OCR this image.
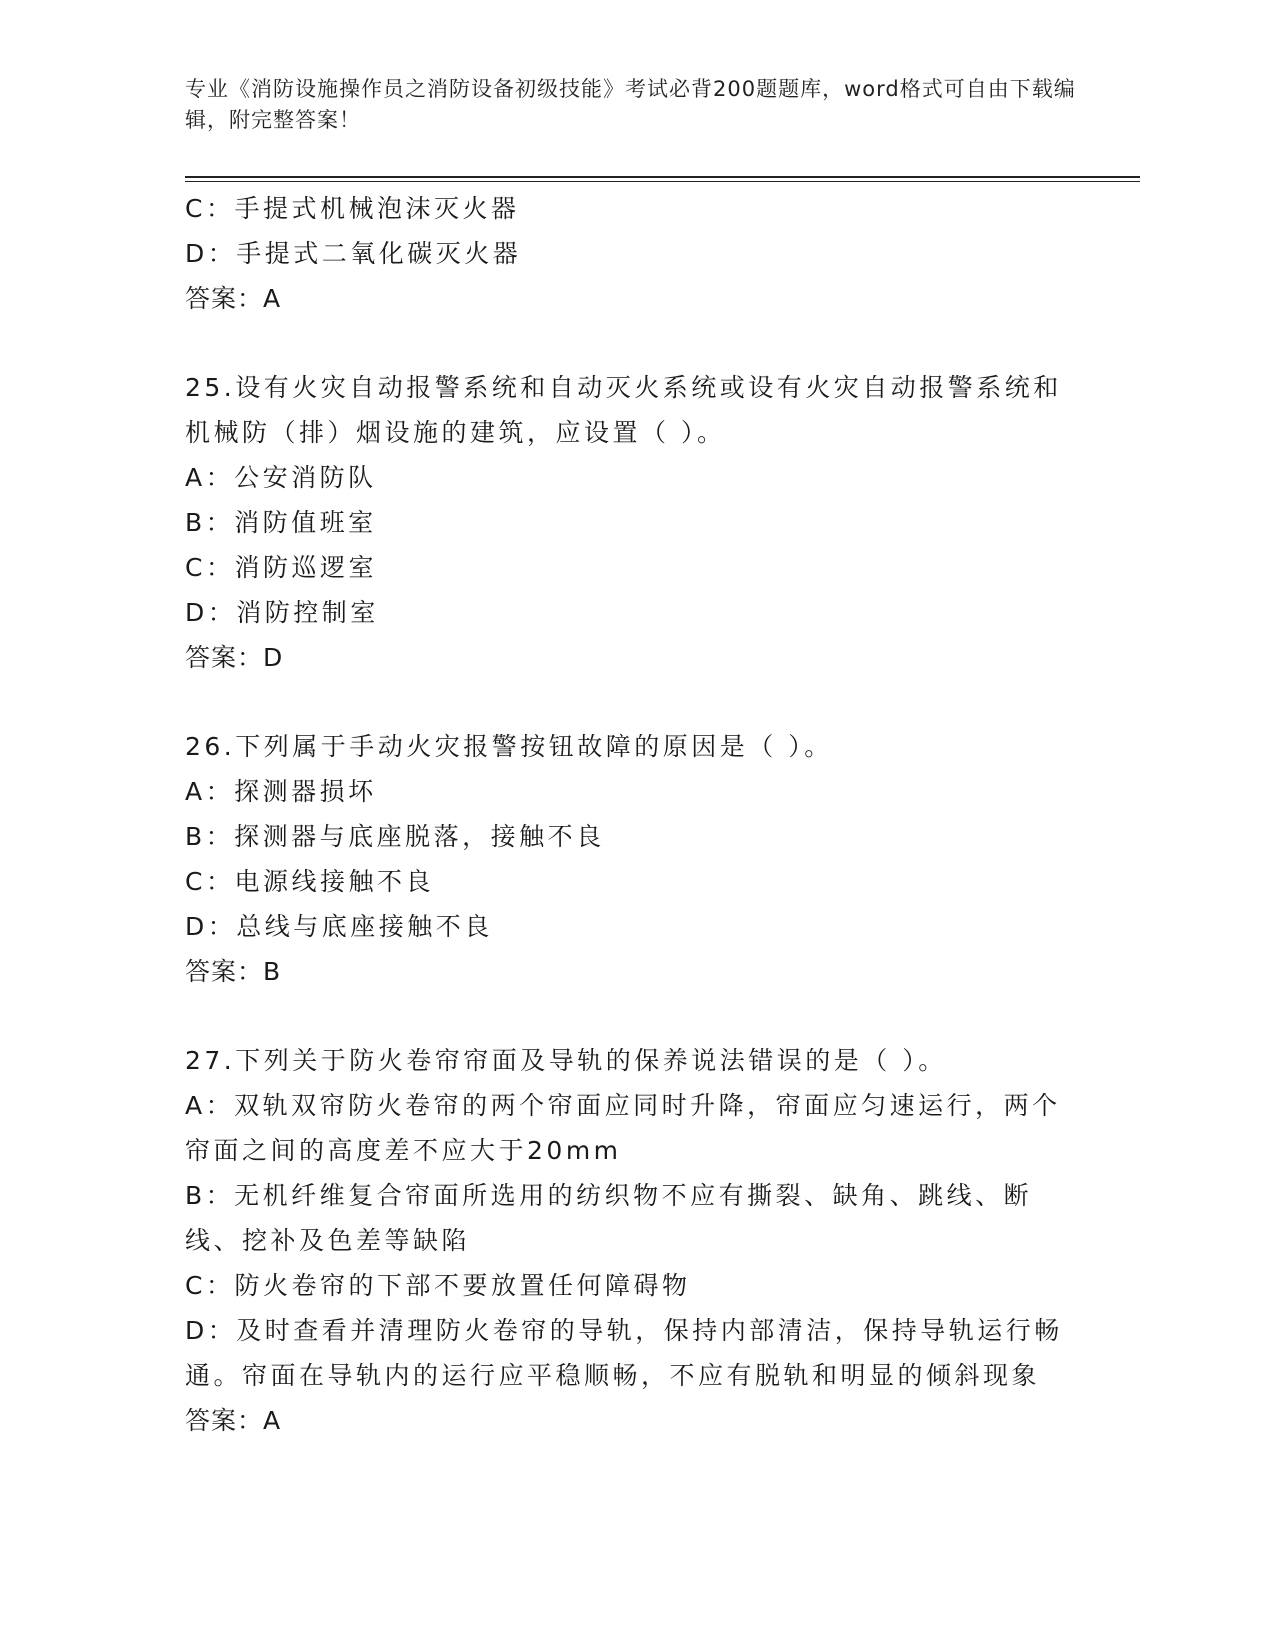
专业《消防设施操作员之消防设备初级技能》考试必背200题题库，word格式可自由下载编辑，附完整答案！
C：手提式机械泡沫灭火器
D：手提式二氧化碳灭火器
答案：A
25.设有火灾自动报警系统和自动灭火系统或设有火灾自动报警系统和机械防（排）烟设施的建筑，应设置（ ）。
A：公安消防队
B：消防值班室
C：消防巡逻室
D：消防控制室
答案：D
26.下列属于手动火灾报警按钮故障的原因是（ ）。
A：探测器损坏
B：探测器与底座脱落，接触不良
C：电源线接触不良
D：总线与底座接触不良
答案：B
27.下列关于防火卷帘帘面及导轨的保养说法错误的是（ ）。
A：双轨双帘防火卷帘的两个帘面应同时升降，帘面应匀速运行，两个帘面之间的高度差不应大于20mm
B：无机纤维复合帘面所选用的纺织物不应有撕裂、缺角、跳线、断线、挖补及色差等缺陷
C：防火卷帘的下部不要放置任何障碍物
D：及时查看并清理防火卷帘的导轨，保持内部清洁，保持导轨运行畅通。帘面在导轨内的运行应平稳顺畅，不应有脱轨和明显的倾斜现象
答案：A
